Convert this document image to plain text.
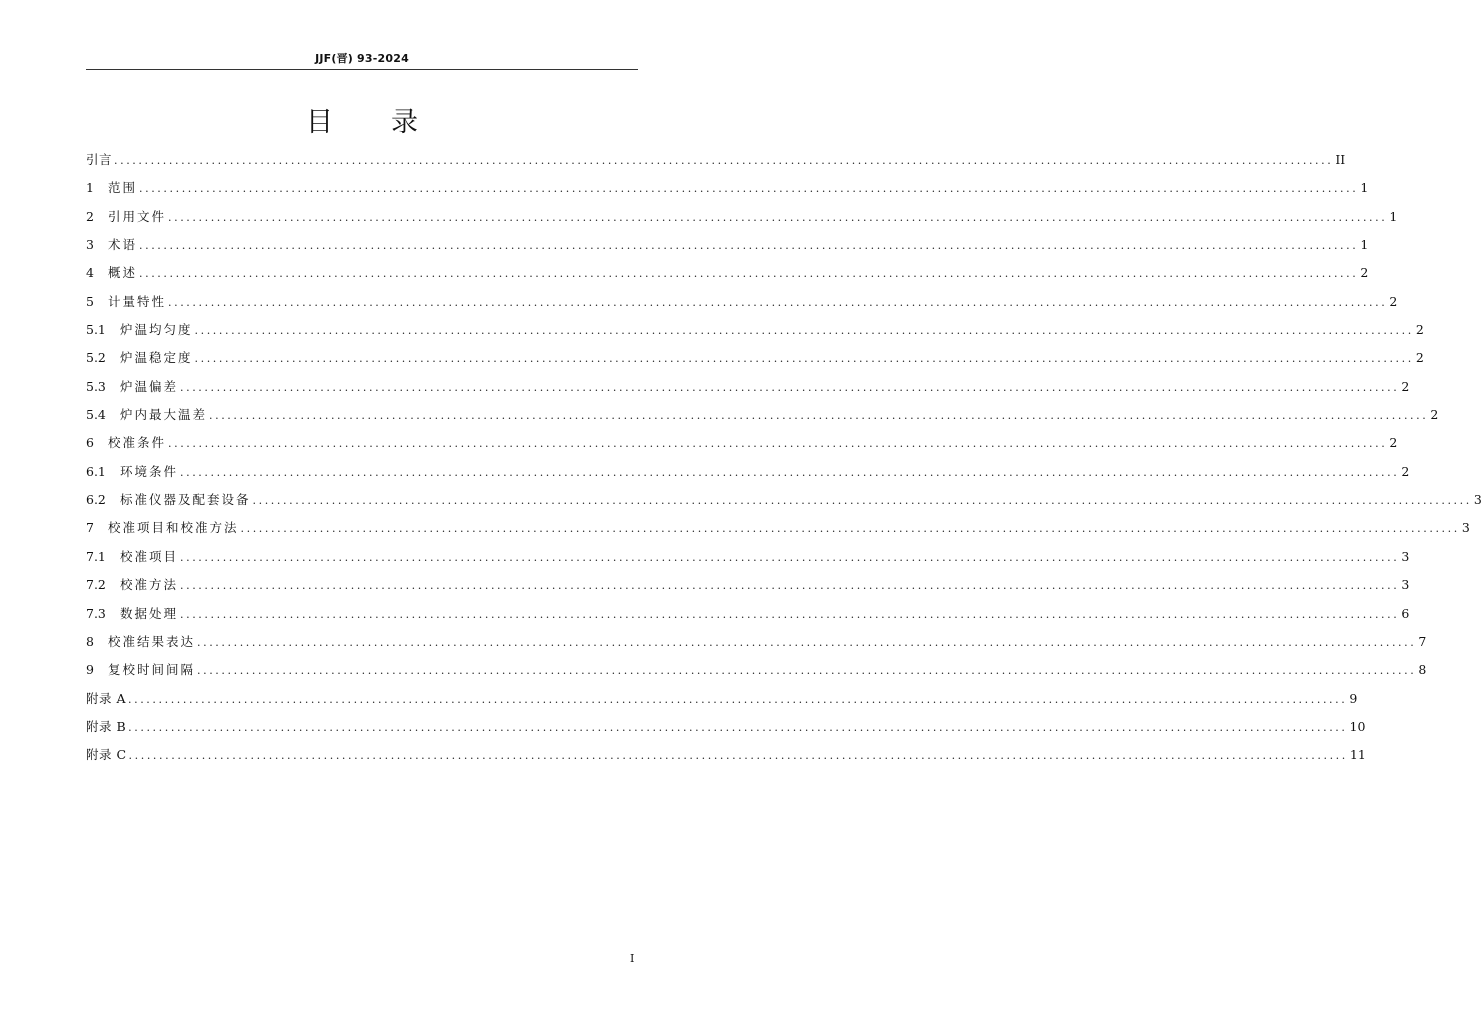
JJF(晋) 93-2024
目 录
引言 ........................................................................................................................................................................................................ II
1	范围 ........................................................................................................................................................................................................ 1
2	引用文件 ........................................................................................................................................................................................................ 1
3	术语 ........................................................................................................................................................................................................ 1
4	概述 ........................................................................................................................................................................................................ 2
5	计量特性 ........................................................................................................................................................................................................ 2
5.1	炉温均匀度 ........................................................................................................................................................................................................ 2
5.2	炉温稳定度 ........................................................................................................................................................................................................ 2
5.3	炉温偏差 ........................................................................................................................................................................................................ 2
5.4	炉内最大温差 ........................................................................................................................................................................................................ 2
6	校准条件 ........................................................................................................................................................................................................ 2
6.1	环境条件 ........................................................................................................................................................................................................ 2
6.2	标准仪器及配套设备 ........................................................................................................................................................................................................ 3
7	校准项目和校准方法 ........................................................................................................................................................................................................ 3
7.1	校准项目 ........................................................................................................................................................................................................ 3
7.2	校准方法 ........................................................................................................................................................................................................ 3
7.3	数据处理 ........................................................................................................................................................................................................ 6
8	校准结果表达 ........................................................................................................................................................................................................ 7
9	复校时间间隔 ........................................................................................................................................................................................................ 8
附录 A ........................................................................................................................................................................................................ 9
附录 B ........................................................................................................................................................................................................ 10
附录 C ........................................................................................................................................................................................................ 11
I
